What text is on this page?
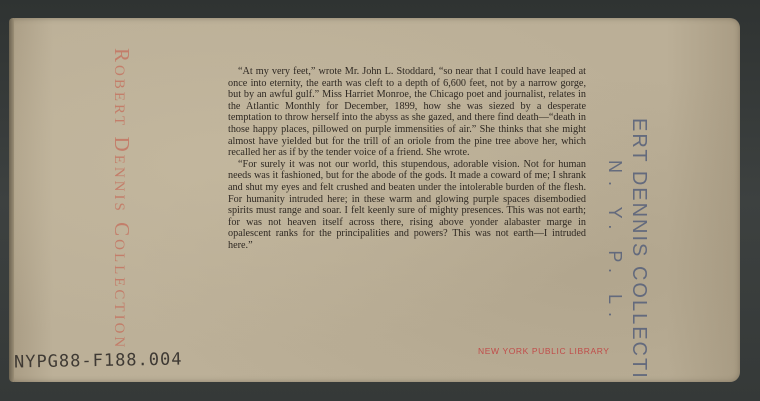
Robert Dennis Collection	“At my very feet,” wrote Mr. John L. Stoddard, “so near that I could have leaped at once into eternity, the earth was cleft to a depth of 6,600 feet, not by a narrow gorge, but by an awful gulf.” Miss Harriet Monroe, the Chicago poet and journalist, relates in the Atlantic Monthly for December, 1899, how she was siezed by a desperate temptation to throw herself into the abyss as she gazed, and there find death—“death in those happy places, pillowed on purple immensities of air.” She thinks that she might almost have yielded but for the trill of an oriole from the pine tree above her, which recalled her as if by the tender voice of a friend. She wrote.

“For surely it was not our world, this stupendous, adorable vision. Not for human needs was it fashioned, but for the abode of the gods. It made a coward of me; I shrank and shut my eyes and felt crushed and beaten under the intolerable burden of the flesh. For humanity intruded here; in these warm and glowing purple spaces disembodied spirits must range and soar. I felt keenly sure of mighty presences. This was not earth; for was not heaven itself across there, rising above yonder alabaster marge in opalescent ranks for the principalities and powers? This was not earth—I intruded here.”	ERT DENNIS COLLECTI
N. Y. P. L.
NEW YORK PUBLIC LIBRARY
NYPG88-F188.004
